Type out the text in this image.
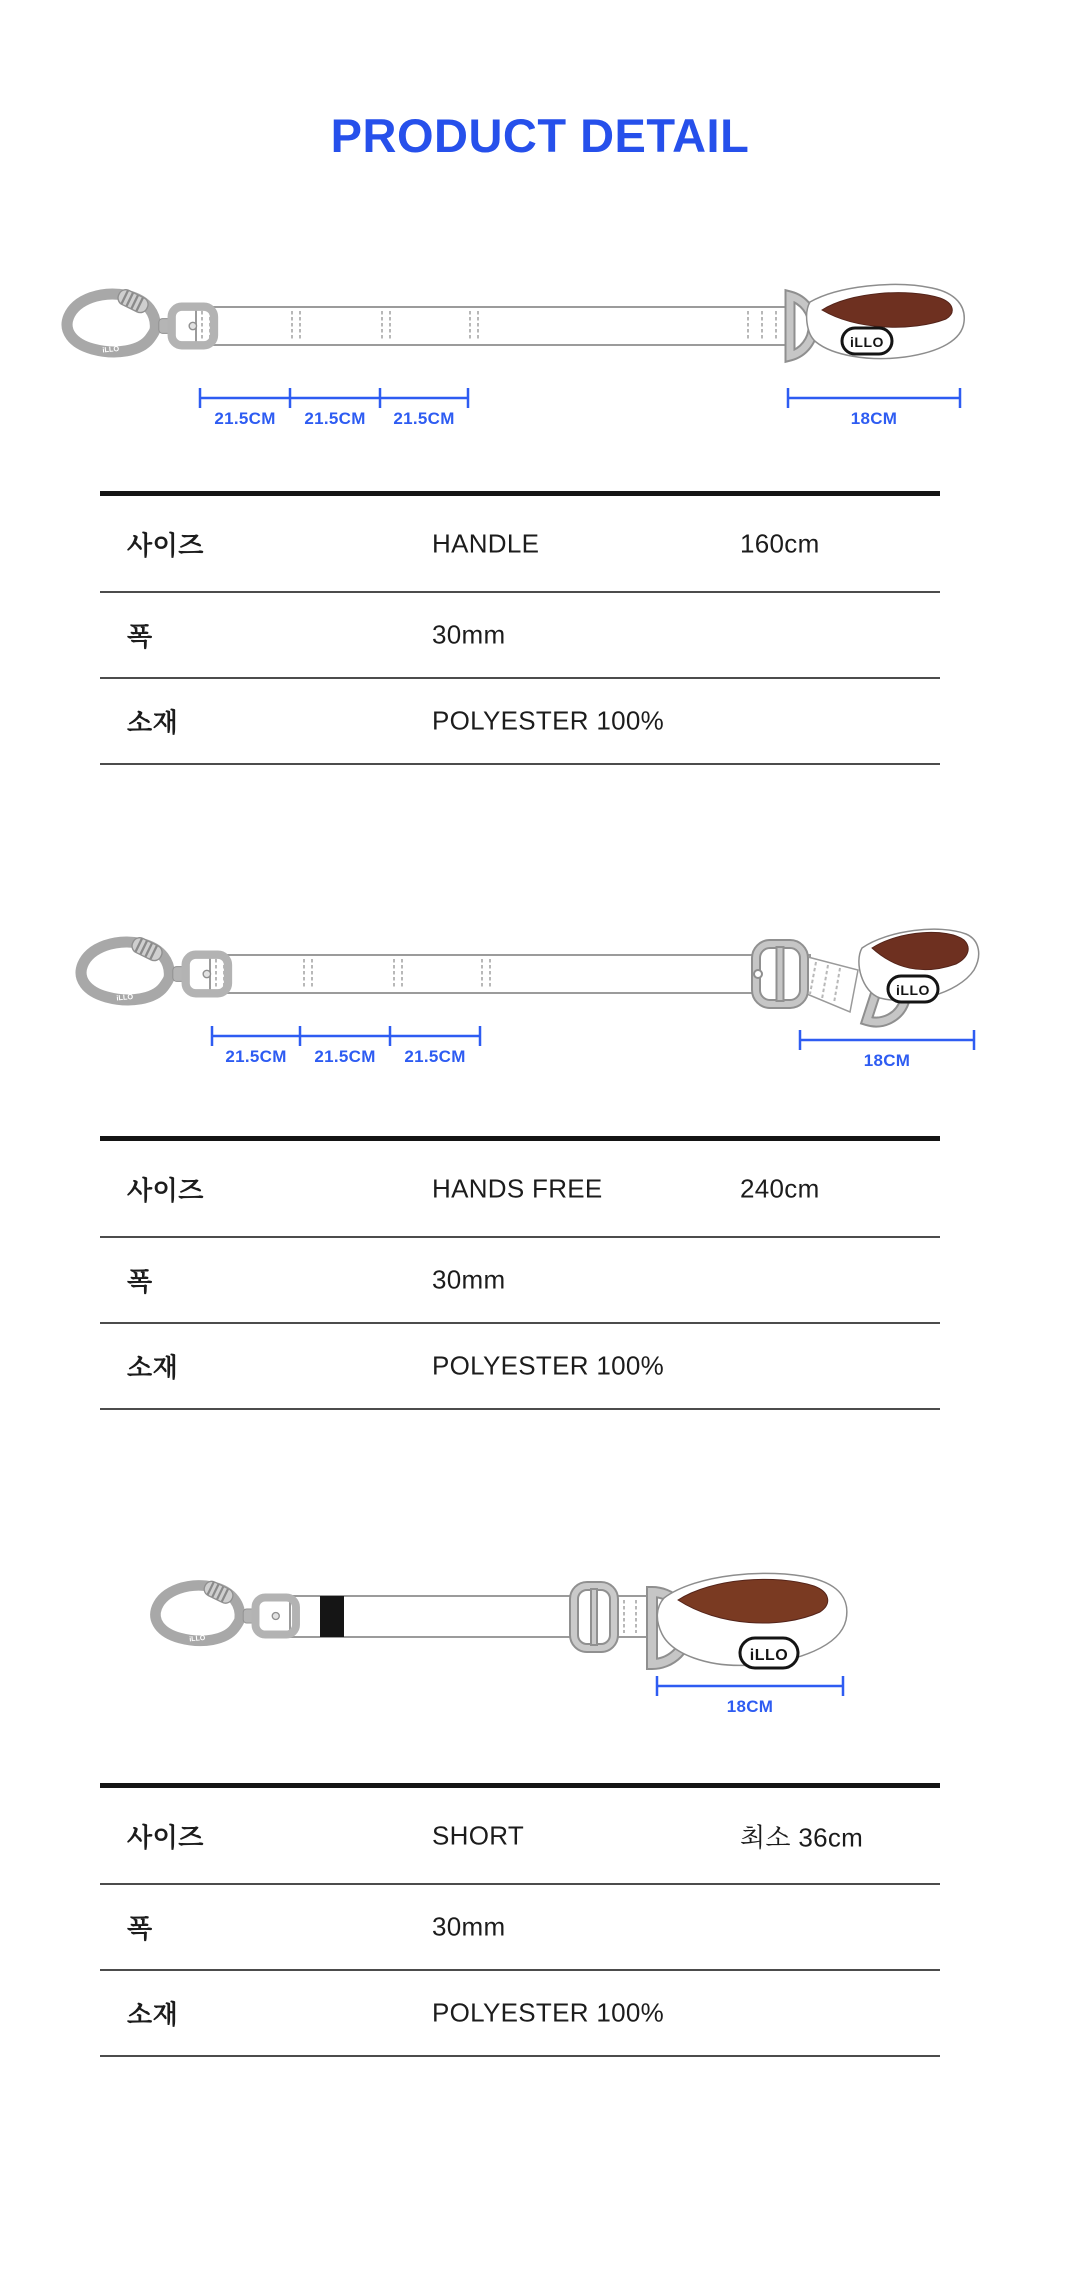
PRODUCT DETAIL
iLLO
21.5CM 21.5CM 21.5CM	18CM
사이즈	HANDLE	160cm
폭	30mm
소재	POLYESTER 100%
iLLO
21.5CM 21.5CM 21.5CM	18CM
사이즈	HANDS FREE	240cm
폭	30mm
소재	POLYESTER 100%
iLLO
18CM
사이즈	SHORT	최소 36cm
폭	30mm
소재	POLYESTER 100%
